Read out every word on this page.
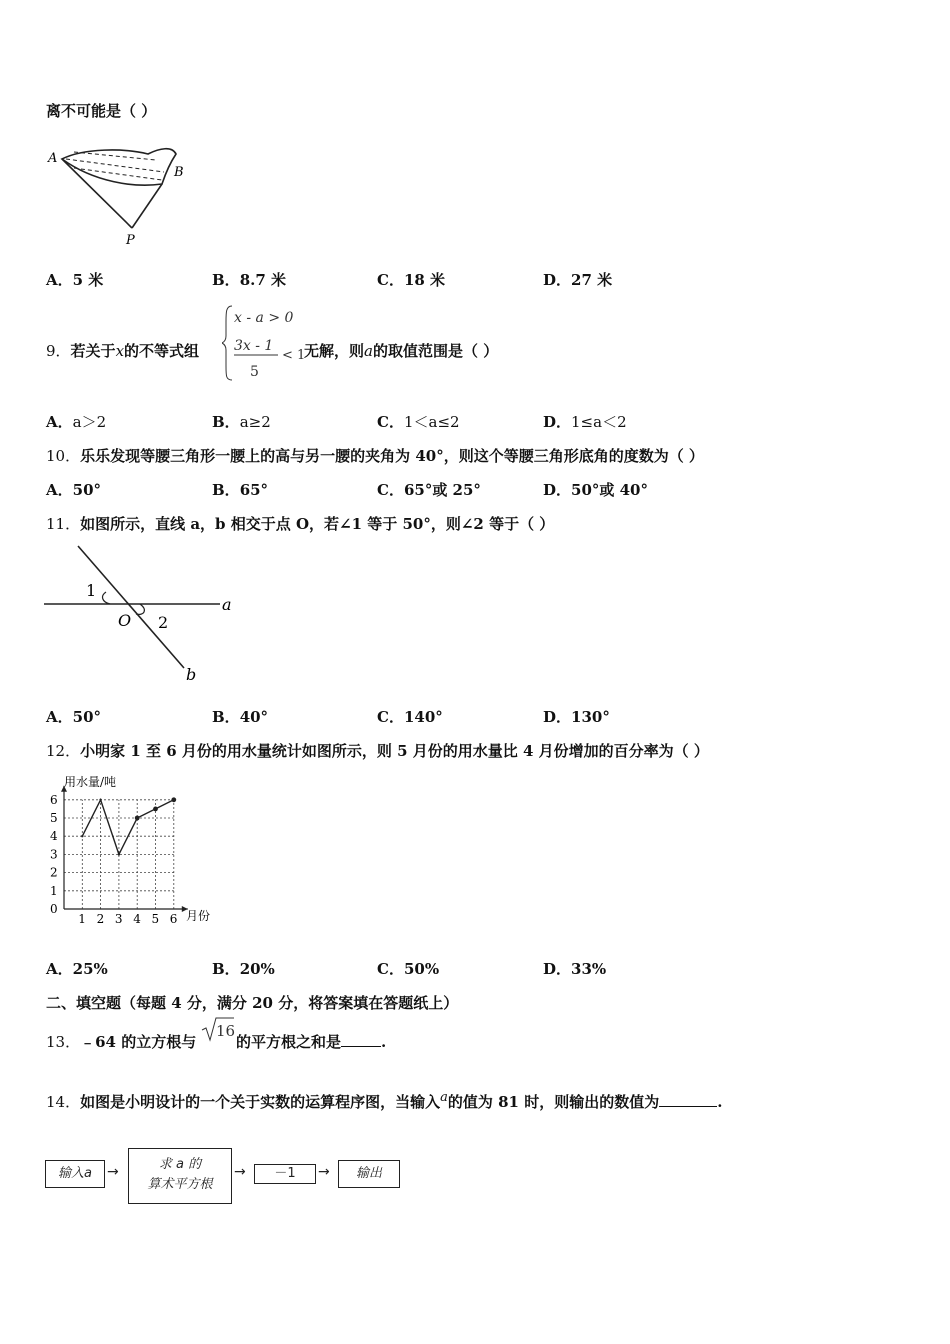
离不可能是（ ）
A
B
P
A．5 米	B．8.7 米	C．18 米	D．27 米
9．若关于x的不等式组
x - a > 0
3x - 1
5
< 1
无解，则a的取值范围是（ ）
A．a＞2	B．a≥2	C．1＜a≤2	D．1≤a＜2
10．乐乐发现等腰三角形一腰上的高与另一腰的夹角为 40°，则这个等腰三角形底角的度数为（ ）
A．50°	B．65°	C．65°或 25°	D．50°或 40°
11．如图所示，直线 a，b 相交于点 O，若∠1 等于 50°，则∠2 等于（ ）
1
2
O
a
b
A．50°	B．40°	C．140°	D．130°
12．小明家 1 至 6 月份的用水量统计如图所示，则 5 月份的用水量比 4 月份增加的百分率为（ ）
0
1
2
3
4
5
6
1 2 3 4 5 6
用水量/吨
月份
A．25%	B．20%	C．50%	D．33%
二、填空题（每题 4 分，满分 20 分，将答案填在答题纸上）
13．﹣64 的立方根与
16
的平方根之和是	.
14．如图是小明设计的一个关于实数的运算程序图，当输入a的值为 81 时，则输出的数值为	.
输入a	→	求 a 的
算术平方根
→	－1	→	输出
